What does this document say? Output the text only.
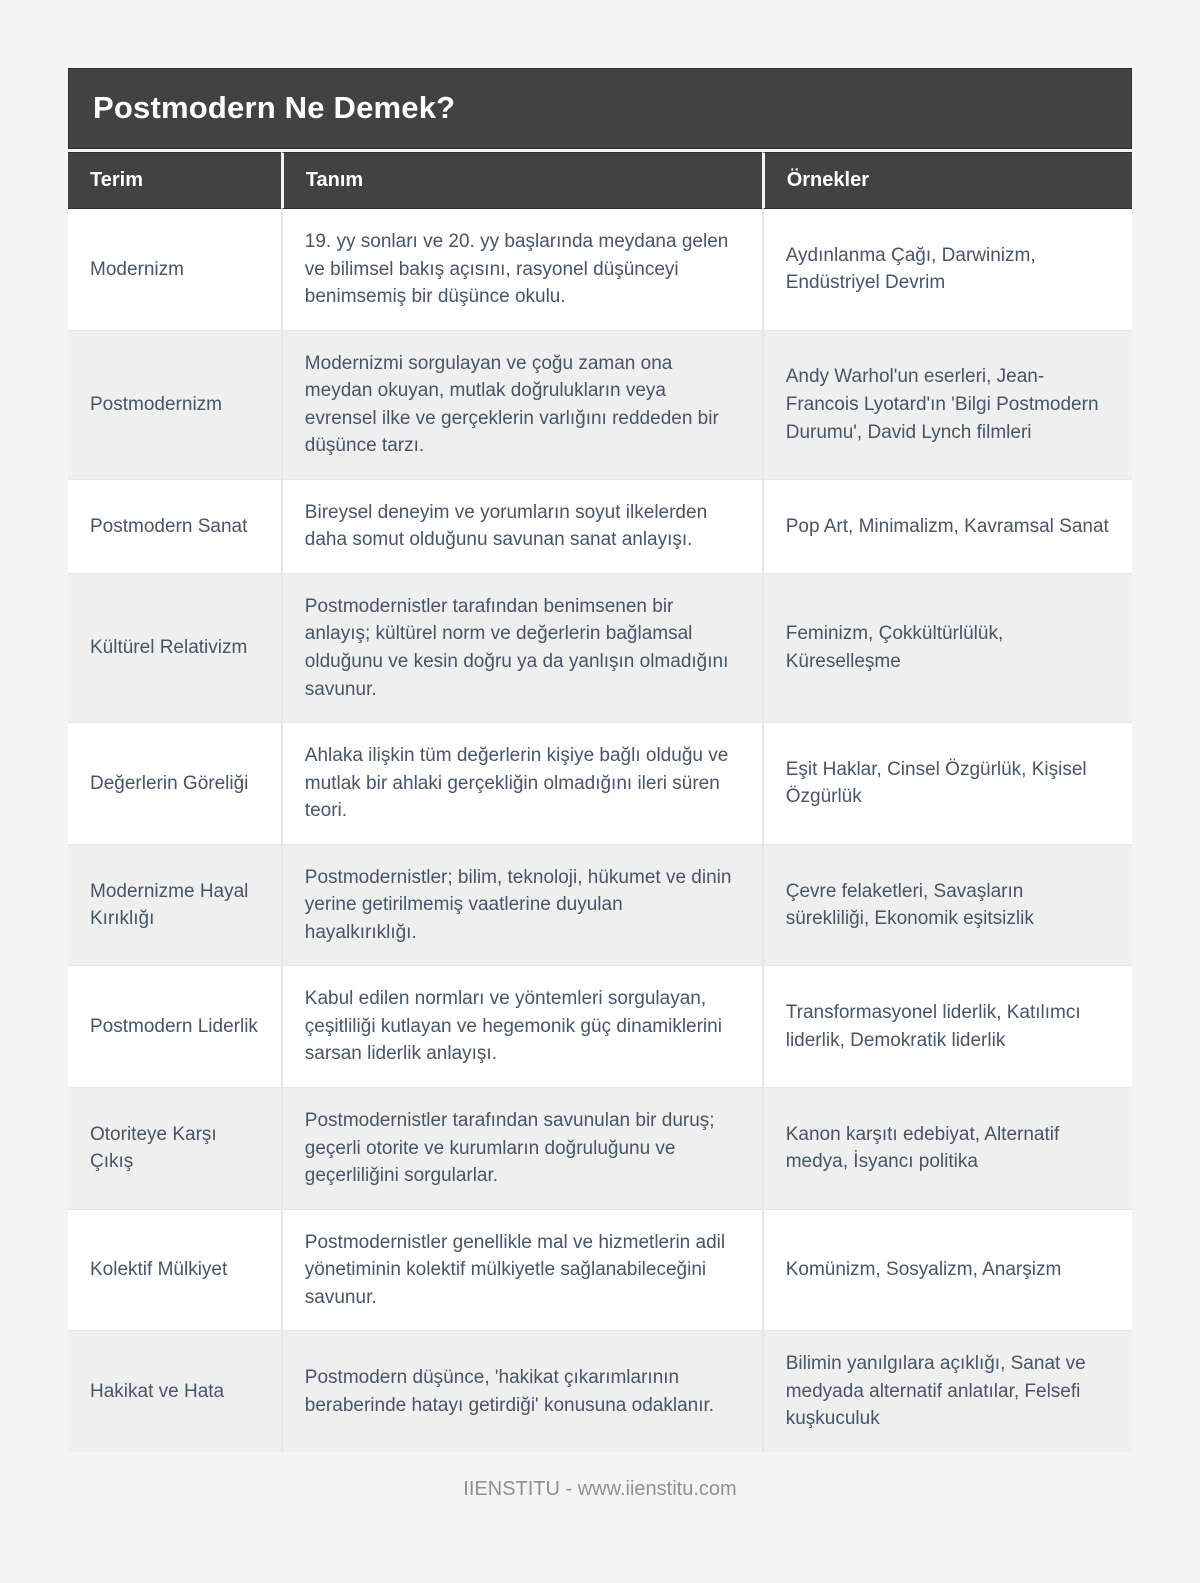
Postmodern Ne Demek?
Terim	Tanım	Örnekler
Modernizm	19. yy sonları ve 20. yy başlarında meydana gelen ve bilimsel bakış açısını, rasyonel düşünceyi benimsemiş bir düşünce okulu.	Aydınlanma Çağı, Darwinizm, Endüstriyel Devrim
Postmodernizm	Modernizmi sorgulayan ve çoğu zaman ona meydan okuyan, mutlak doğrulukların veya evrensel ilke ve gerçeklerin varlığını reddeden bir düşünce tarzı.	Andy Warhol'un eserleri, Jean-Francois Lyotard'ın 'Bilgi Postmodern Durumu', David Lynch filmleri
Postmodern Sanat	Bireysel deneyim ve yorumların soyut ilkelerden daha somut olduğunu savunan sanat anlayışı.	Pop Art, Minimalizm, Kavramsal Sanat
Kültürel Relativizm	Postmodernistler tarafından benimsenen bir anlayış; kültürel norm ve değerlerin bağlamsal olduğunu ve kesin doğru ya da yanlışın olmadığını savunur.	Feminizm, Çokkültürlülük, Küreselleşme
Değerlerin Göreliği	Ahlaka ilişkin tüm değerlerin kişiye bağlı olduğu ve mutlak bir ahlaki gerçekliğin olmadığını ileri süren teori.	Eşit Haklar, Cinsel Özgürlük, Kişisel Özgürlük
Modernizme Hayal Kırıklığı	Postmodernistler; bilim, teknoloji, hükumet ve dinin yerine getirilmemiş vaatlerine duyulan hayalkırıklığı.	Çevre felaketleri, Savaşların sürekliliği, Ekonomik eşitsizlik
Postmodern Liderlik	Kabul edilen normları ve yöntemleri sorgulayan, çeşitliliği kutlayan ve hegemonik güç dinamiklerini sarsan liderlik anlayışı.	Transformasyonel liderlik, Katılımcı liderlik, Demokratik liderlik
Otoriteye Karşı Çıkış	Postmodernistler tarafından savunulan bir duruş; geçerli otorite ve kurumların doğruluğunu ve geçerliliğini sorgularlar.	Kanon karşıtı edebiyat, Alternatif medya, İsyancı politika
Kolektif Mülkiyet	Postmodernistler genellikle mal ve hizmetlerin adil yönetiminin kolektif mülkiyetle sağlanabileceğini savunur.	Komünizm, Sosyalizm, Anarşizm
Hakikat ve Hata	Postmodern düşünce, 'hakikat çıkarımlarının beraberinde hatayı getirdiği' konusuna odaklanır.	Bilimin yanılgılara açıklığı, Sanat ve medyada alternatif anlatılar, Felsefi kuşkuculuk
IIENSTITU - www.iienstitu.com
